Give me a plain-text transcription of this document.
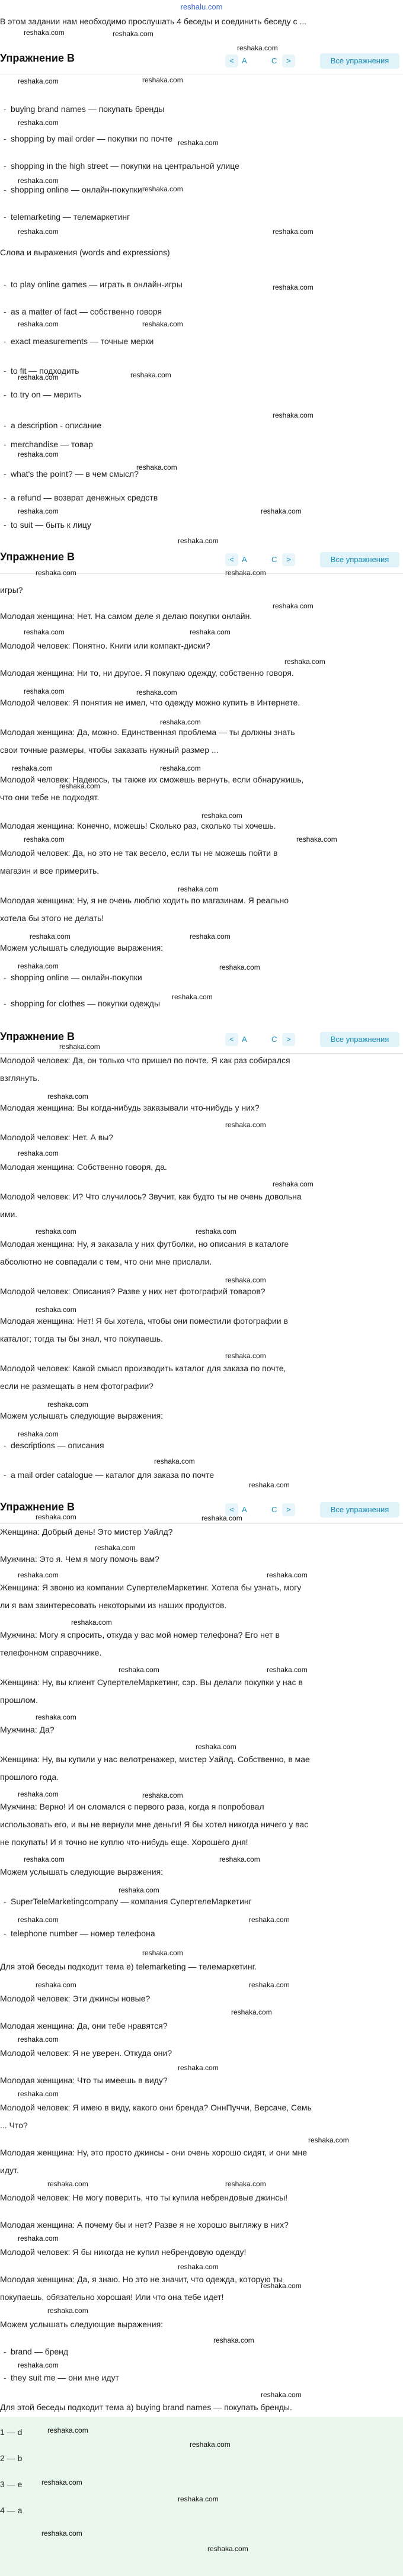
reshalu.com
В этом задании нам необходимо прослушать 4 беседы и соединить беседу с ...
Упражнение B	<	A	C	>	Все упражнения
- buying brand names — покупать бренды
- shopping by mail order — покупки по почте
- shopping in the high street — покупки на центральной улице
- shopping online — онлайн-покупки
- telemarketing — телемаркетинг
Слова и выражения (words and expressions)
- to play online games — играть в онлайн-игры
- as a matter of fact — собственно говоря
- exact measurements — точные мерки
- to fit — подходить
- to try on — мерить
- a description - описание
- merchandise — товар
- what's the point? — в чем смысл?
- a refund — возврат денежных средств
- to suit — быть к лицу
Упражнение B	<	A	C	>	Все упражнения
игры?
Молодая женщина: Нет. На самом деле я делаю покупки онлайн.
Молодой человек: Понятно. Книги или компакт-диски?
Молодая женщина: Ни то, ни другое. Я покупаю одежду, собственно говоря.
Молодой человек: Я понятия не имел, что одежду можно купить в Интернете.
Молодая женщина: Да, можно. Единственная проблема — ты должны знать
свои точные размеры, чтобы заказать нужный размер ...
Молодой человек: Надеюсь, ты также их сможешь вернуть, если обнаружишь,
что они тебе не подходят.
Молодая женщина: Конечно, можешь! Сколько раз, сколько ты хочешь.
Молодой человек: Да, но это не так весело, если ты не можешь пойти в
магазин и все примерить.
Молодая женщина: Ну, я не очень люблю ходить по магазинам. Я реально
хотела бы этого не делать!
Можем услышать следующие выражения:
- shopping online — онлайн-покупки
- shopping for clothes — покупки одежды
Упражнение B	<	A	C	>	Все упражнения
Молодой человек: Да, он только что пришел по почте. Я как раз собирался
взглянуть.
Молодая женщина: Вы когда-нибудь заказывали что-нибудь у них?
Молодой человек: Нет. А вы?
Молодая женщина: Собственно говоря, да.
Молодой человек: И? Что случилось? Звучит, как будто ты не очень довольна
ими.
Молодая женщина: Ну, я заказала у них футболки, но описания в каталоге
абсолютно не совпадали с тем, что они мне прислали.
Молодой человек: Описания? Разве у них нет фотографий товаров?
Молодая женщина: Нет! Я бы хотела, чтобы они поместили фотографии в
каталог; тогда ты бы знал, что покупаешь.
Молодой человек: Какой смысл производить каталог для заказа по почте,
если не размещать в нем фотографии?
Можем услышать следующие выражения:
- descriptions — описания
- a mail order catalogue — каталог для заказа по почте
Упражнение B	<	A	C	>	Все упражнения
Женщина: Добрый день! Это мистер Уайлд?
Мужчина: Это я. Чем я могу помочь вам?
Женщина: Я звоню из компании СупертелеМаркетинг. Хотела бы узнать, могу
ли я вам заинтересовать некоторыми из наших продуктов.
Мужчина: Могу я спросить, откуда у вас мой номер телефона? Его нет в
телефонном справочнике.
Женщина: Ну, вы клиент СупертелеМаркетинг, сэр. Вы делали покупки у нас в
прошлом.
Мужчина: Да?
Женщина: Ну, вы купили у нас велотренажер, мистер Уайлд. Собственно, в мае
прошлого года.
Мужчина: Верно! И он сломался с первого раза, когда я попробовал
использовать его, и вы не вернули мне деньги! Я бы хотел никогда ничего у вас
не покупать! И я точно не куплю что-нибудь еще. Хорошего дня!
Можем услышать следующие выражения:
- SuperTeleMarketingcompany — компания СупертелеМаркетинг
- telephone number — номер телефона
Для этой беседы подходит тема e) telemarketing — телемаркетинг.
Молодой человек: Эти джинсы новые?
Молодая женщина: Да, они тебе нравятся?
Молодой человек: Я не уверен. Откуда они?
Молодая женщина: Что ты имеешь в виду?
Молодой человек: Я имею в виду, какого они бренда? ОннПуччи, Версаче, Семь
... Что?
Молодая женщина: Ну, это просто джинсы - они очень хорошо сидят, и они мне
идут.
Молодой человек: Не могу поверить, что ты купила небрендовые джинсы!
Молодая женщина: А почему бы и нет? Разве я не хорошо выгляжу в них?
Молодой человек: Я бы никогда не купил небрендовую одежду!
Молодая женщина: Да, я знаю. Но это не значит, что одежда, которую ты
покупаешь, обязательно хорошая! Или что она тебе идет!
Можем услышать следующие выражения:
- brand — бренд
- they suit me — они мне идут
Для этой беседы подходит тема a) buying brand names — покупать бренды.
1 — d
2 — b
3 — e
4 — a
reshaka.com	reshaka.com
reshaka.com
reshaka.com	reshaka.com
reshaka.com
reshaka.com
reshaka.com
reshaka.com
reshaka.com	reshaka.com
reshaka.com
reshaka.com	reshaka.com
reshaka.com	reshaka.com
reshaka.com
reshaka.com
reshaka.com
reshaka.com	reshaka.com
reshaka.com
reshaka.com	reshaka.com
reshaka.com
reshaka.com	reshaka.com
reshaka.com
reshaka.com	reshaka.com
reshaka.com
reshaka.com	reshaka.com
reshaka.com
reshaka.com
reshaka.com	reshaka.com
reshaka.com
reshaka.com	reshaka.com
reshaka.com	reshaka.com
reshaka.com
reshaka.com
reshaka.com
reshaka.com
reshaka.com
reshaka.com
reshaka.com	reshaka.com
reshaka.com
reshaka.com
reshaka.com
reshaka.com
reshaka.com
reshaka.com
reshaka.com
reshaka.com	reshaka.com
reshaka.com
reshaka.com	reshaka.com
reshaka.com
reshaka.com	reshaka.com
reshaka.com
reshaka.com
reshaka.com	reshaka.com
reshaka.com	reshaka.com
reshaka.com
reshaka.com	reshaka.com
reshaka.com
reshaka.com	reshaka.com
reshaka.com
reshaka.com
reshaka.com
reshaka.com
reshaka.com
reshaka.com	reshaka.com
reshaka.com
reshaka.com
reshaka.com
reshaka.com
reshaka.com
reshaka.com
reshaka.com
reshaka.com
reshaka.com
reshaka.com
reshaka.com
reshaka.com
reshaka.com
